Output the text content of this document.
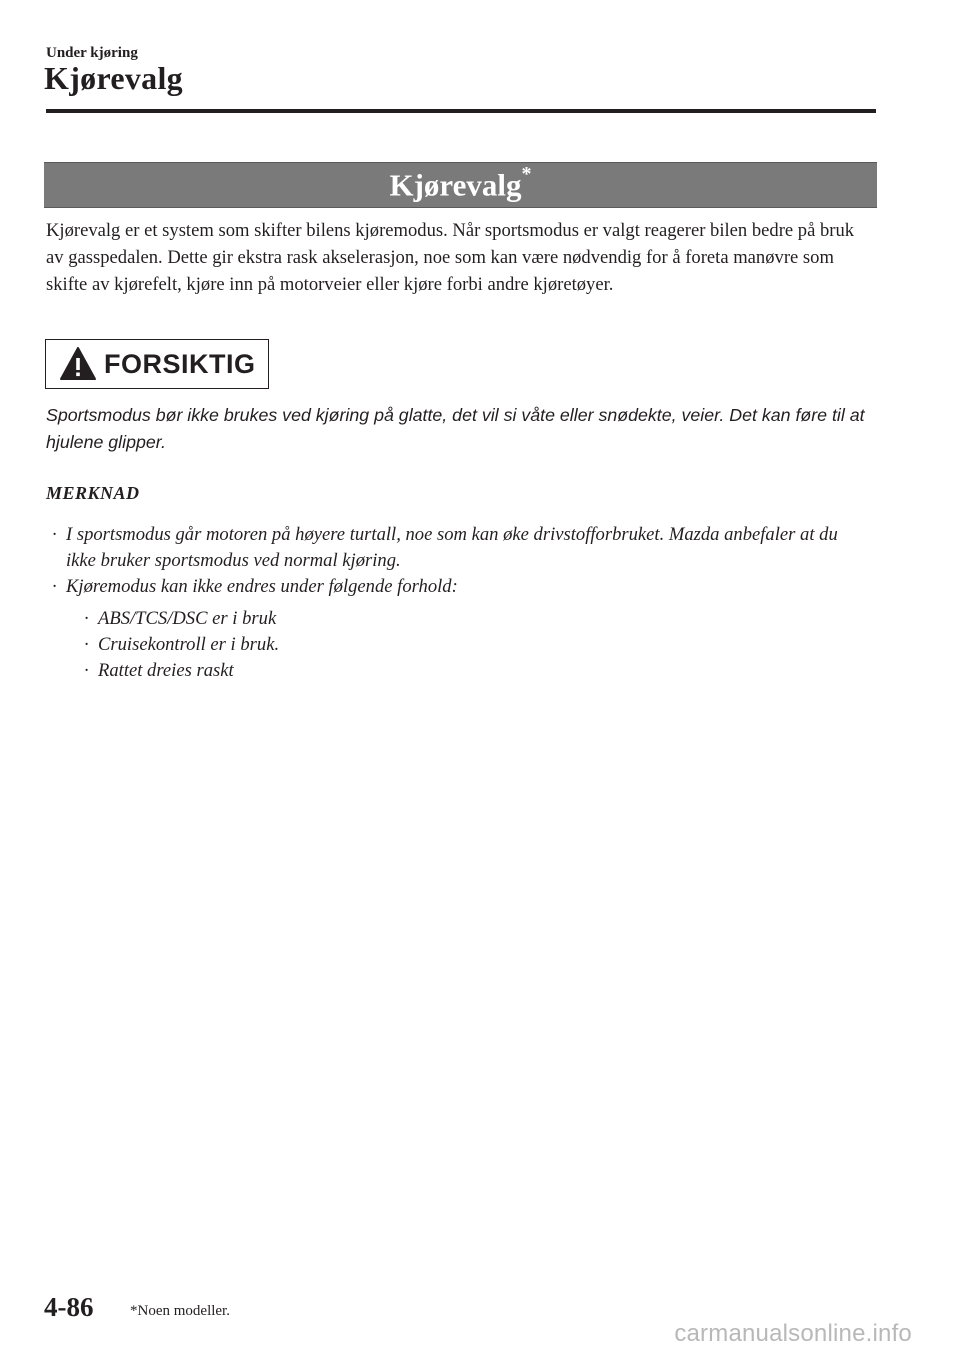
Under kjøring
Kjørevalg
Kjørevalg*
Kjørevalg er et system som skifter bilens kjøremodus. Når sportsmodus er valgt reagerer bilen bedre på bruk av gasspedalen. Dette gir ekstra rask akselerasjon, noe som kan være nødvendig for å foreta manøvre som skifte av kjørefelt, kjøre inn på motorveier eller kjøre forbi andre kjøretøyer.
FORSIKTIG
Sportsmodus bør ikke brukes ved kjøring på glatte, det vil si våte eller snødekte, veier. Det kan føre til at hjulene glipper.
MERKNAD
· I sportsmodus går motoren på høyere turtall, noe som kan øke drivstofforbruket. Mazda anbefaler at du ikke bruker sportsmodus ved normal kjøring.
· Kjøremodus kan ikke endres under følgende forhold:
· ABS/TCS/DSC er i bruk
· Cruisekontroll er i bruk.
· Rattet dreies raskt
4-86 *Noen modeller.
carmanualsonline.info
